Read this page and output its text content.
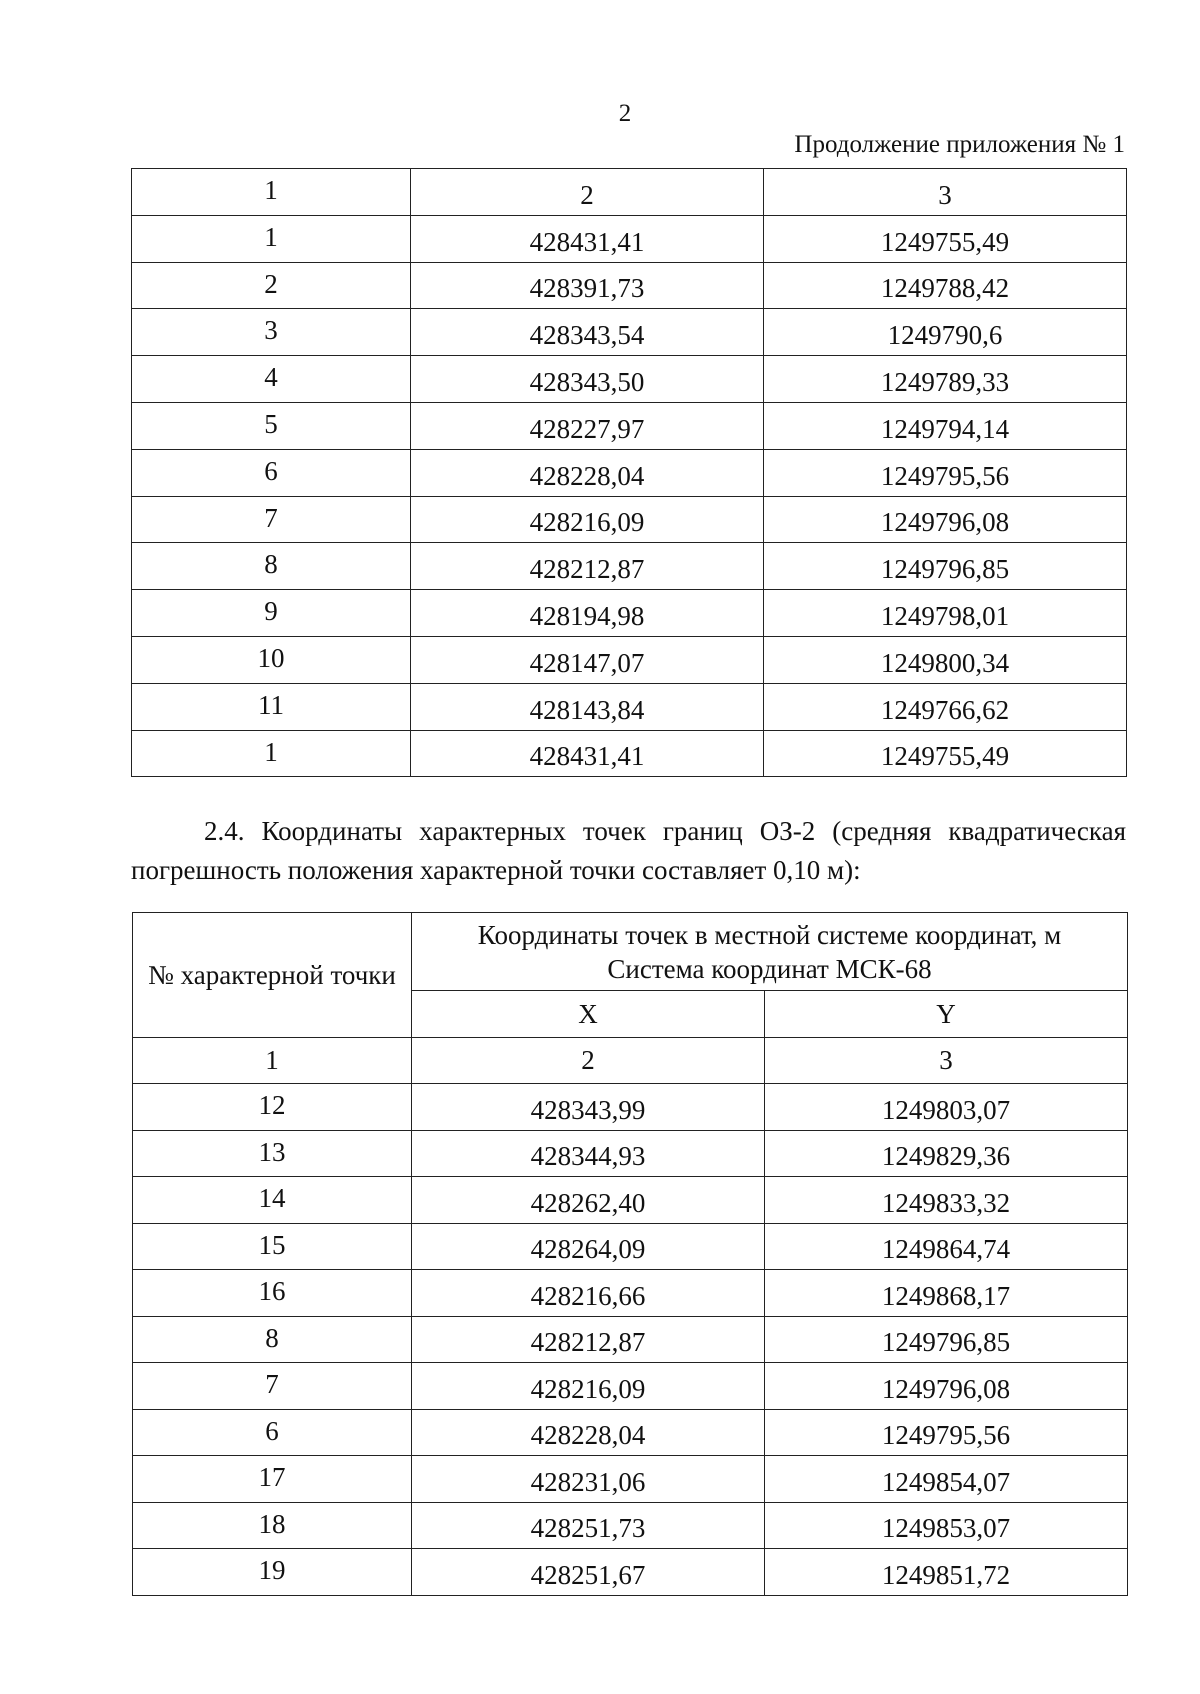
2
Продолжение приложения № 1
1	2	3
1	428431,41	1249755,49
2	428391,73	1249788,42
3	428343,54	1249790,6
4	428343,50	1249789,33
5	428227,97	1249794,14
6	428228,04	1249795,56
7	428216,09	1249796,08
8	428212,87	1249796,85
9	428194,98	1249798,01
10	428147,07	1249800,34
11	428143,84	1249766,62
1	428431,41	1249755,49
2.4. Координаты характерных точек границ ОЗ-2 (средняя квадратическая погрешность положения характерной точки составляет 0,10 м):
№ характерной точки	Координаты точек в местной системе координат, м
Система координат МСК-68	

	X	Y
1	2	3
12	428343,99	1249803,07
13	428344,93	1249829,36
14	428262,40	1249833,32
15	428264,09	1249864,74
16	428216,66	1249868,17
8	428212,87	1249796,85
7	428216,09	1249796,08
6	428228,04	1249795,56
17	428231,06	1249854,07
18	428251,73	1249853,07
19	428251,67	1249851,72
